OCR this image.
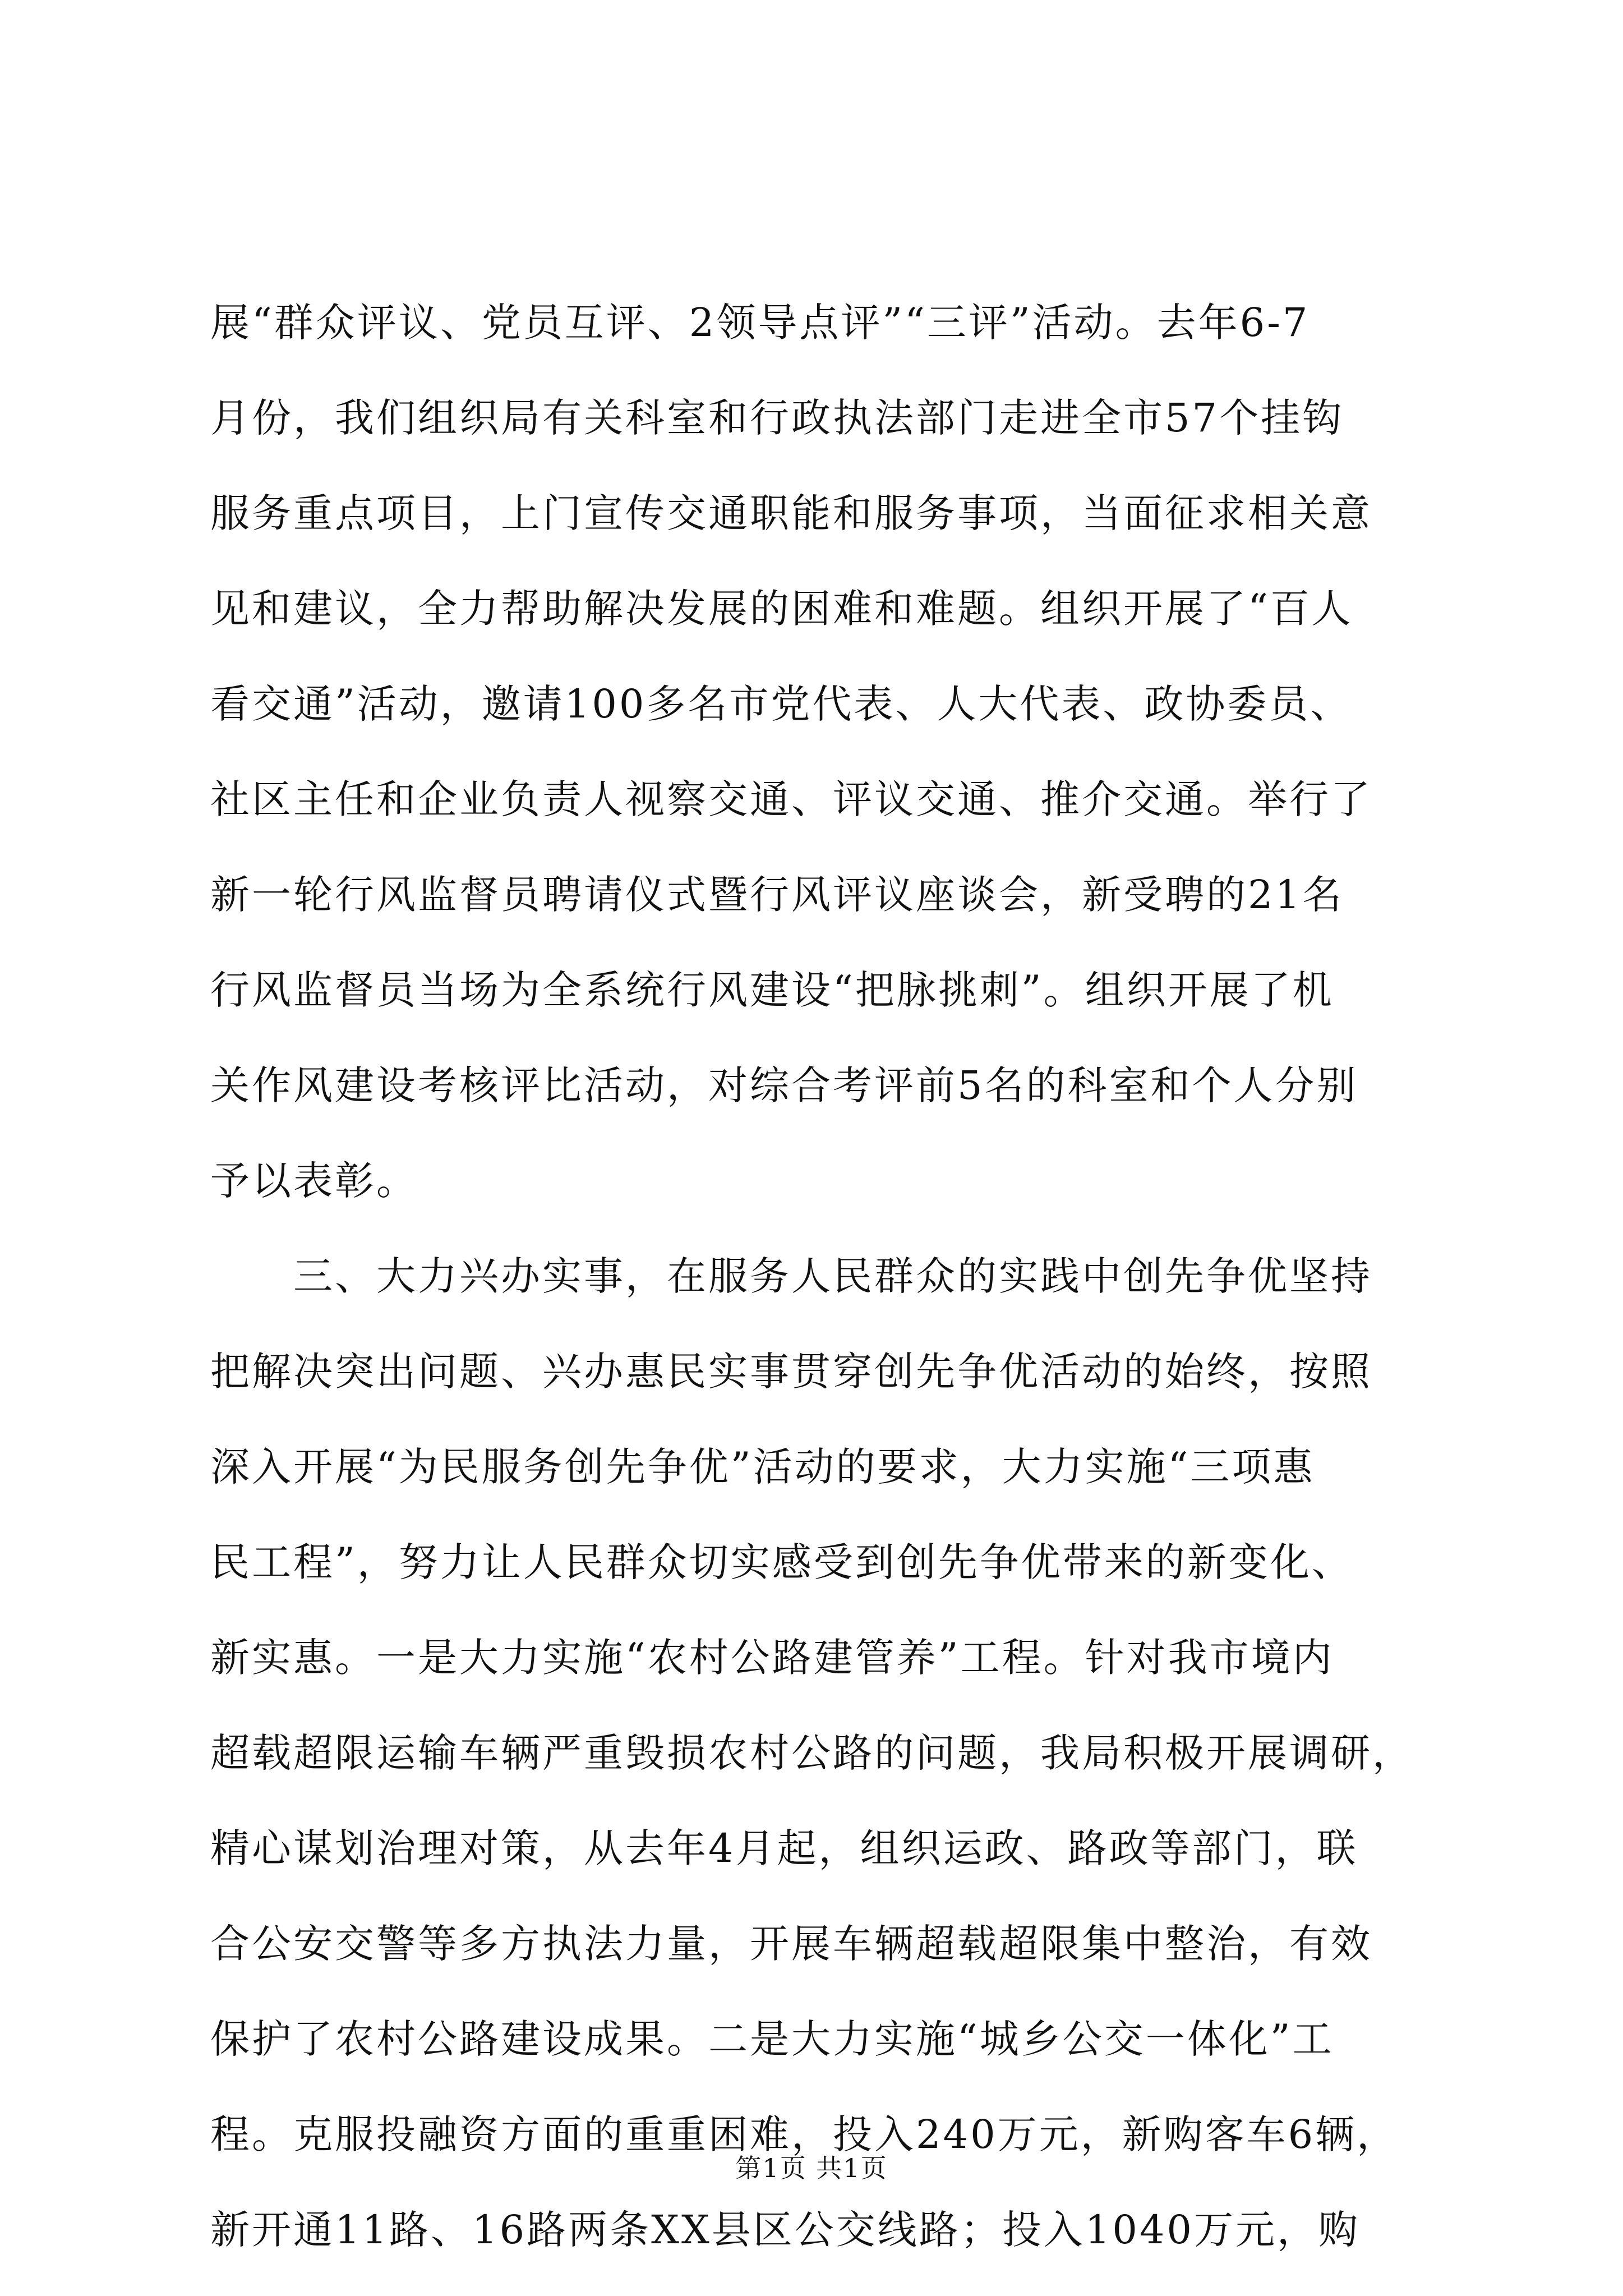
展“群众评议、党员互评、2领导点评”“三评”活动。去年6-7
月份，我们组织局有关科室和行政执法部门走进全市57个挂钩
服务重点项目，上门宣传交通职能和服务事项，当面征求相关意
见和建议，全力帮助解决发展的困难和难题。组织开展了“百人
看交通”活动，邀请100多名市党代表、人大代表、政协委员、
社区主任和企业负责人视察交通、评议交通、推介交通。举行了
新一轮行风监督员聘请仪式暨行风评议座谈会，新受聘的21名
行风监督员当场为全系统行风建设“把脉挑刺”。组织开展了机
关作风建设考核评比活动，对综合考评前5名的科室和个人分别
予以表彰。
　　三、大力兴办实事，在服务人民群众的实践中创先争优坚持
把解决突出问题、兴办惠民实事贯穿创先争优活动的始终，按照
深入开展“为民服务创先争优”活动的要求，大力实施“三项惠
民工程”，努力让人民群众切实感受到创先争优带来的新变化、
新实惠。一是大力实施“农村公路建管养”工程。针对我市境内
超载超限运输车辆严重毁损农村公路的问题，我局积极开展调研，
精心谋划治理对策，从去年4月起，组织运政、路政等部门，联
合公安交警等多方执法力量，开展车辆超载超限集中整治，有效
保护了农村公路建设成果。二是大力实施“城乡公交一体化”工
程。克服投融资方面的重重困难，投入240万元，新购客车6辆，
新开通11路、16路两条XX县区公交线路；投入1040万元，购
第1页 共1页
